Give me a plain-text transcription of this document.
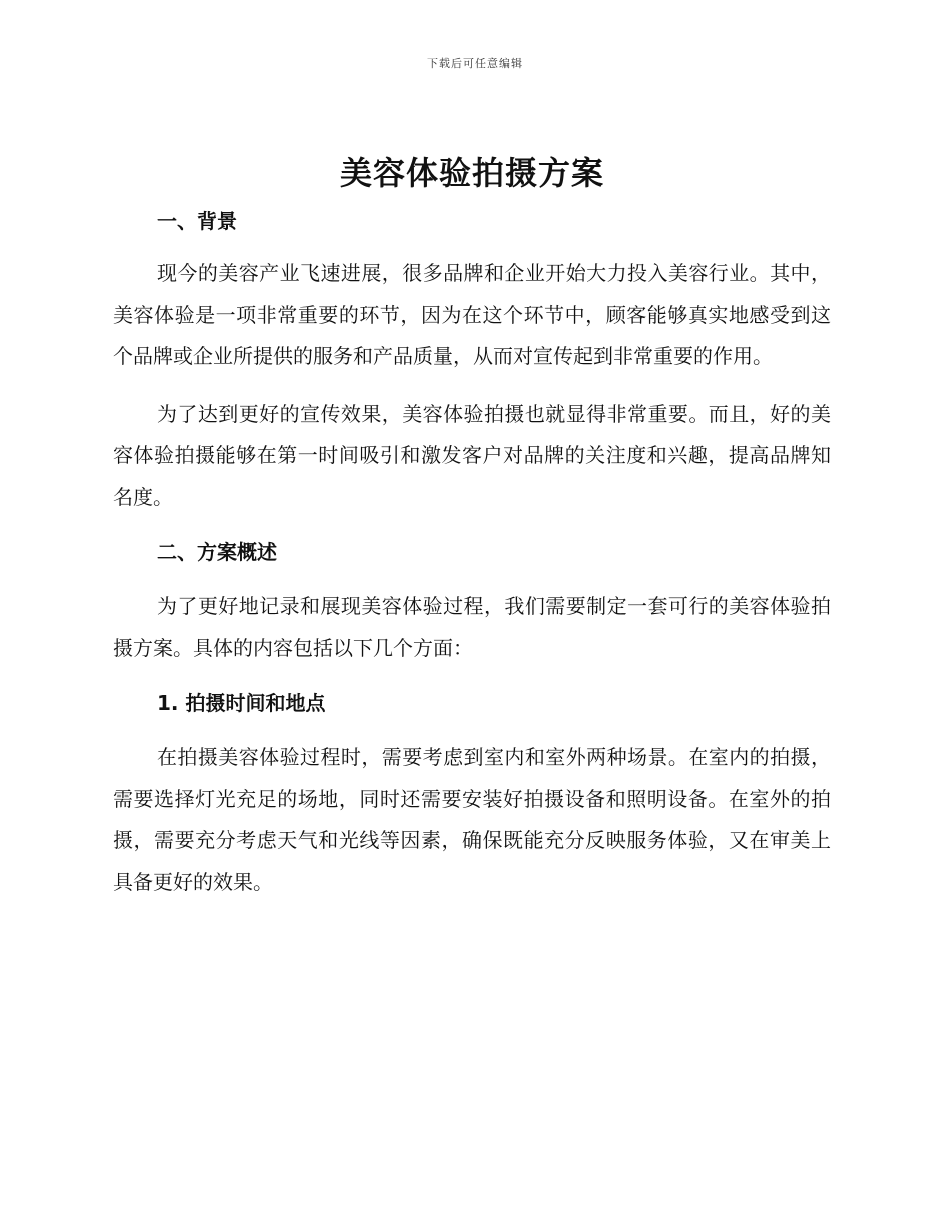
下载后可任意编辑
美容体验拍摄方案
一、背景

现今的美容产业飞速进展，很多品牌和企业开始大力投入美容行业。其中，美容体验是一项非常重要的环节，因为在这个环节中，顾客能够真实地感受到这个品牌或企业所提供的服务和产品质量，从而对宣传起到非常重要的作用。

为了达到更好的宣传效果，美容体验拍摄也就显得非常重要。而且，好的美容体验拍摄能够在第一时间吸引和激发客户对品牌的关注度和兴趣，提高品牌知名度。

二、方案概述

为了更好地记录和展现美容体验过程，我们需要制定一套可行的美容体验拍摄方案。具体的内容包括以下几个方面：

1. 拍摄时间和地点

在拍摄美容体验过程时，需要考虑到室内和室外两种场景。在室内的拍摄，需要选择灯光充足的场地，同时还需要安装好拍摄设备和照明设备。在室外的拍摄，需要充分考虑天气和光线等因素，确保既能充分反映服务体验，又在审美上具备更好的效果。
